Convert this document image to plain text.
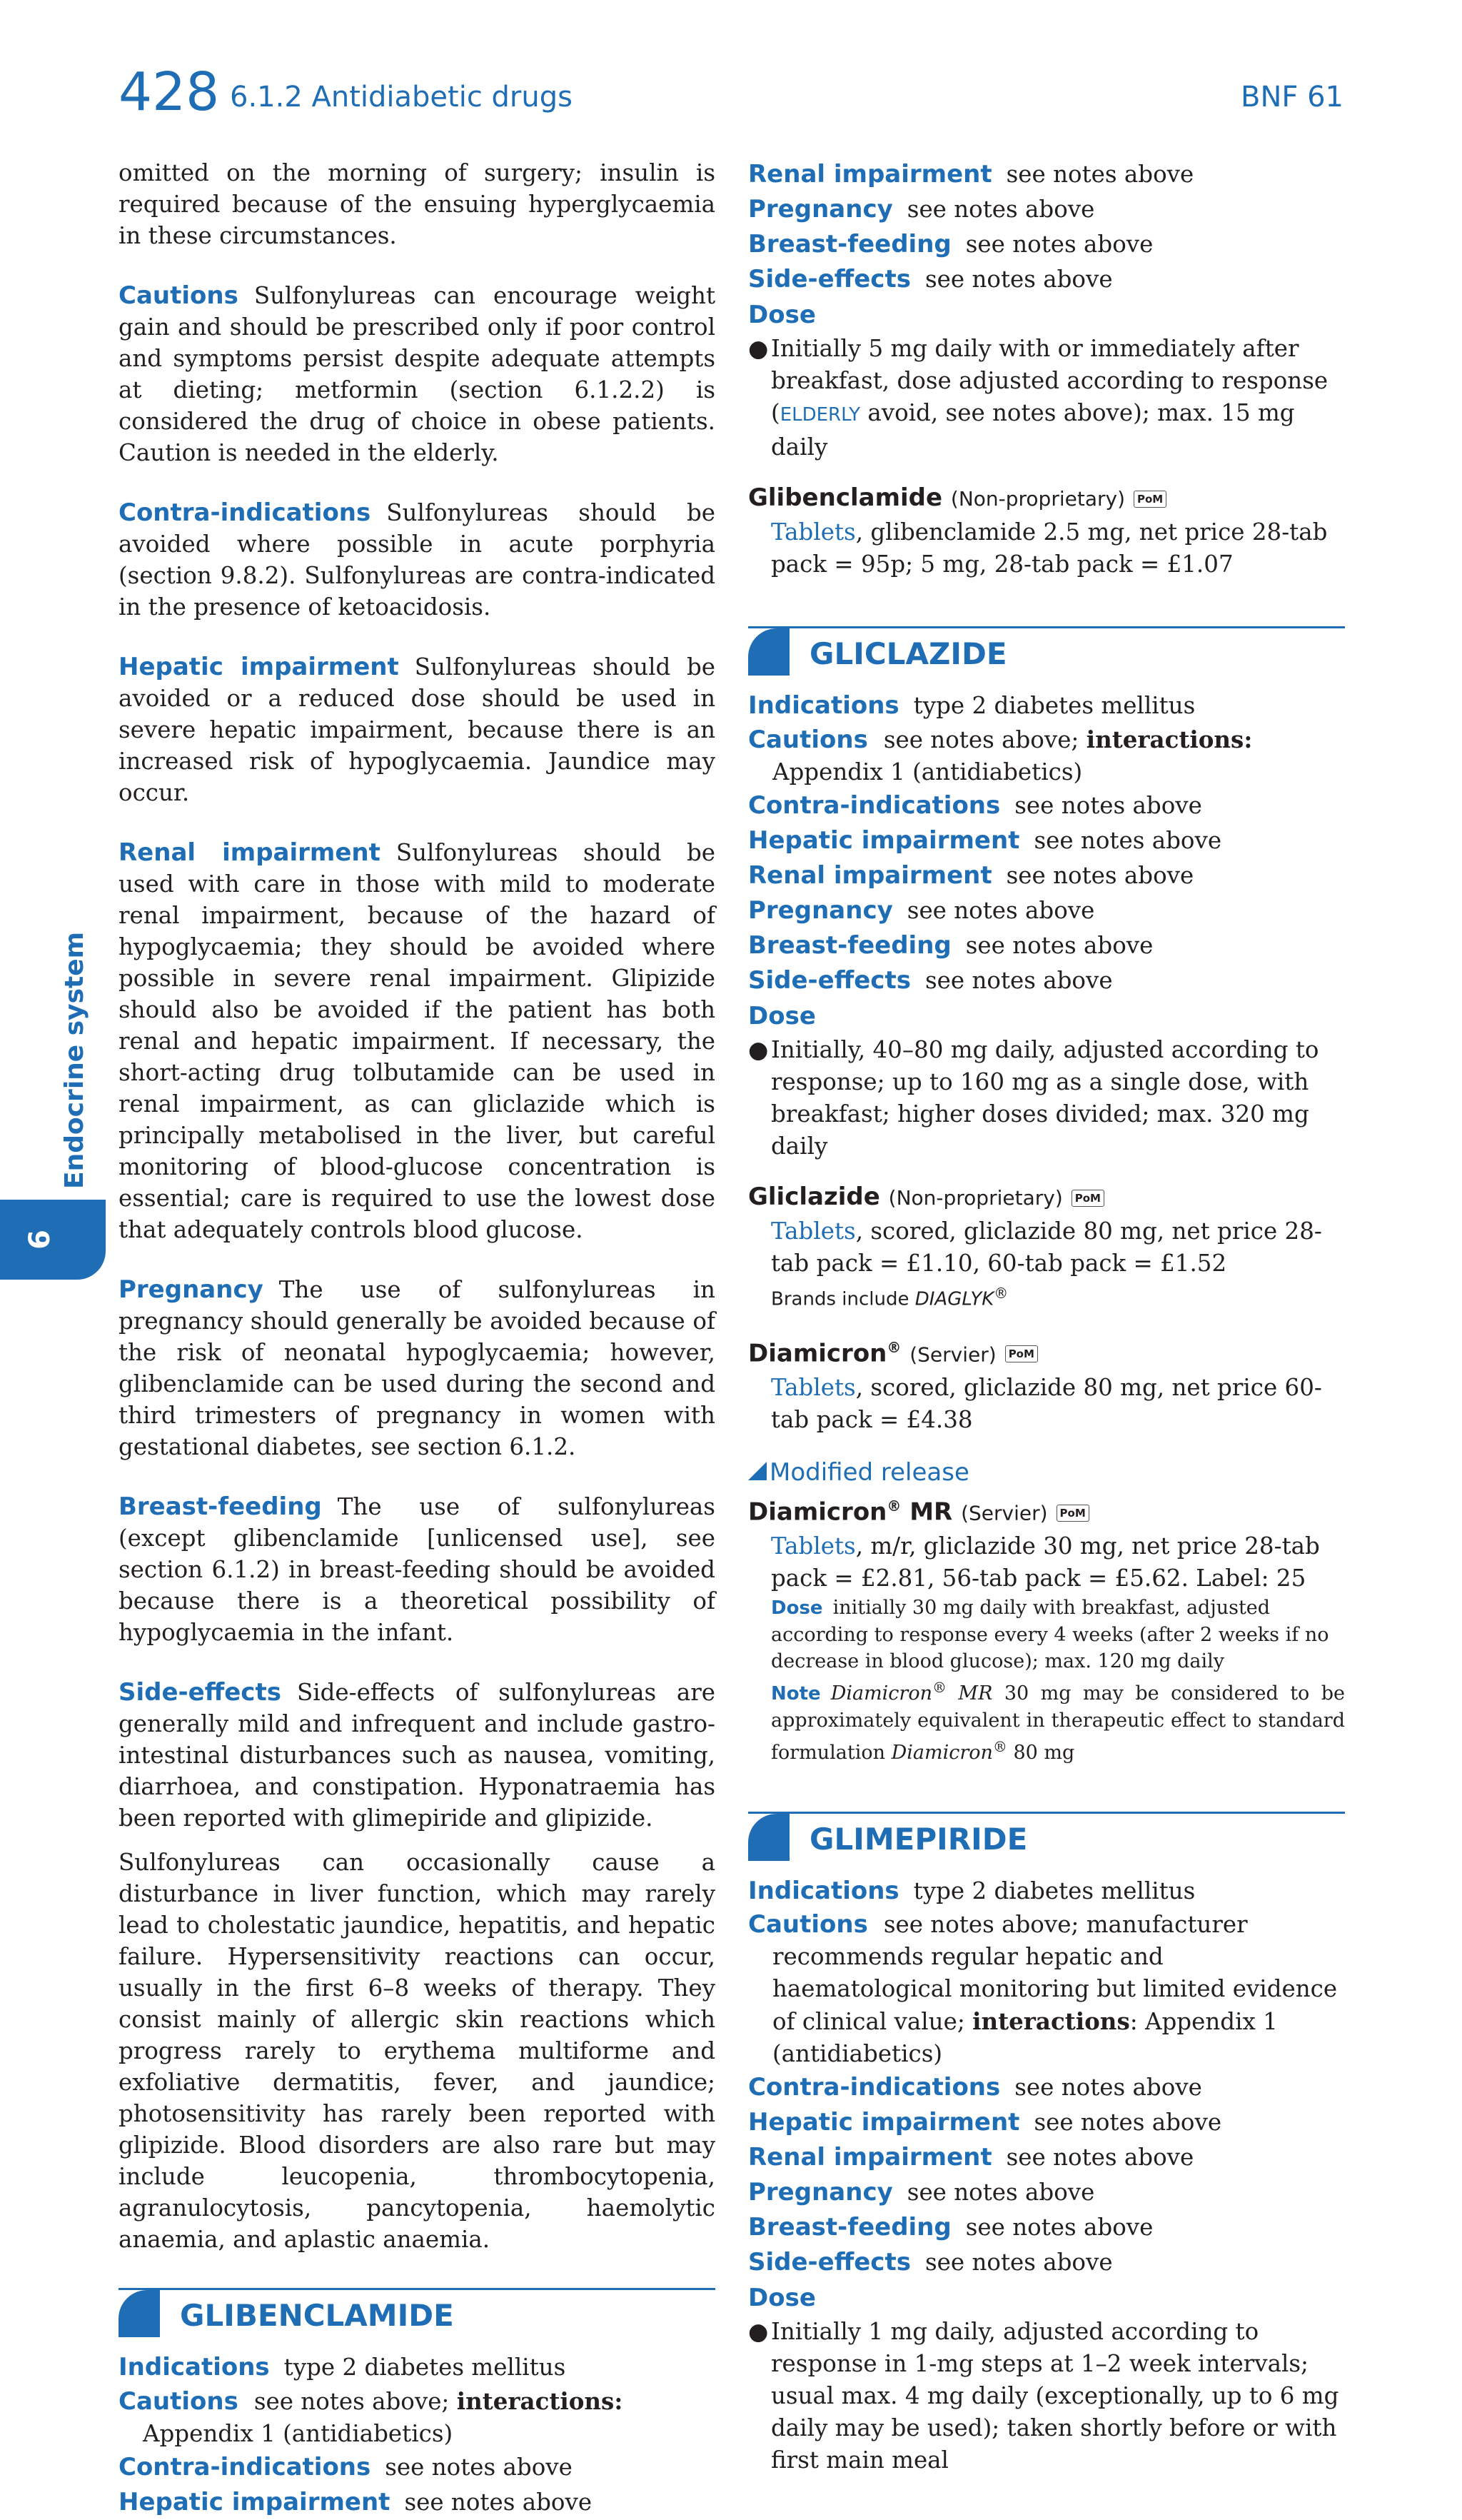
428 6.1.2 Antidiabetic drugs	BNF 61
6
Endocrine system

omitted on the morning of surgery; insulin is required because of the ensuing hyperglycaemia in these circumstances.

Cautions Sulfonylureas can encourage weight gain and should be prescribed only if poor control and symptoms persist despite adequate attempts at dieting; metformin (section 6.1.2.2) is considered the drug of choice in obese patients. Caution is needed in the elderly.

Contra-indications Sulfonylureas should be avoided where possible in acute porphyria (section 9.8.2). Sulfonylureas are contra-indicated in the presence of ketoacidosis.

Hepatic impairment Sulfonylureas should be avoided or a reduced dose should be used in severe hepatic impairment, because there is an increased risk of hypoglycaemia. Jaundice may occur.

Renal impairment Sulfonylureas should be used with care in those with mild to moderate renal impairment, because of the hazard of hypoglycaemia; they should be avoided where possible in severe renal impairment. Glipizide should also be avoided if the patient has both renal and hepatic impairment. If necessary, the short-acting drug tolbutamide can be used in renal impairment, as can gliclazide which is principally metabolised in the liver, but careful monitoring of blood-glucose concentration is essential; care is required to use the lowest dose that adequately controls blood glucose.

Pregnancy The use of sulfonylureas in pregnancy should generally be avoided because of the risk of neonatal hypoglycaemia; however, glibenclamide can be used during the second and third trimesters of pregnancy in women with gestational diabetes, see section 6.1.2.

Breast-feeding The use of sulfonylureas (except glibenclamide [unlicensed use], see section 6.1.2) in breast-feeding should be avoided because there is a theoretical possibility of hypoglycaemia in the infant.

Side-effects Side-effects of sulfonylureas are generally mild and infrequent and include gastro-intestinal disturbances such as nausea, vomiting, diarrhoea, and constipation. Hyponatraemia has been reported with glimepiride and glipizide.

Sulfonylureas can occasionally cause a disturbance in liver function, which may rarely lead to cholestatic jaundice, hepatitis, and hepatic failure. Hypersensitivity reactions can occur, usually in the first 6–8 weeks of therapy. They consist mainly of allergic skin reactions which progress rarely to erythema multiforme and exfoliative dermatitis, fever, and jaundice; photosensitivity has rarely been reported with glipizide. Blood disorders are also rare but may include leucopenia, thrombocytopenia, agranulocytosis, pancytopenia, haemolytic anaemia, and aplastic anaemia.

GLIBENCLAMIDE
Indications type 2 diabetes mellitus
Cautions see notes above; interactions: Appendix 1 (antidiabetics)
Contra-indications see notes above
Hepatic impairment see notes above
Renal impairment see notes above
Pregnancy see notes above
Breast-feeding see notes above
Side-effects see notes above
Dose
● Initially 5 mg daily with or immediately after breakfast, dose adjusted according to response (ELDERLY avoid, see notes above); max. 15 mg daily
Glibenclamide (Non-proprietary) PoM
Tablets, glibenclamide 2.5 mg, net price 28-tab pack = 95p; 5 mg, 28-tab pack = £1.07
GLICLAZIDE
Indications type 2 diabetes mellitus
Cautions see notes above; interactions: Appendix 1 (antidiabetics)
Contra-indications see notes above
Hepatic impairment see notes above
Renal impairment see notes above
Pregnancy see notes above
Breast-feeding see notes above
Side-effects see notes above
Dose
● Initially, 40–80 mg daily, adjusted according to response; up to 160 mg as a single dose, with breakfast; higher doses divided; max. 320 mg daily
Gliclazide (Non-proprietary) PoM
Tablets, scored, gliclazide 80 mg, net price 28-tab pack = £1.10, 60-tab pack = £1.52
Brands include DIAGLYK®
Diamicron® (Servier) PoM
Tablets, scored, gliclazide 80 mg, net price 60-tab pack = £4.38
Modified release
Diamicron® MR (Servier) PoM
Tablets, m/r, gliclazide 30 mg, net price 28-tab pack = £2.81, 56-tab pack = £5.62. Label: 25
Dose initially 30 mg daily with breakfast, adjusted according to response every 4 weeks (after 2 weeks if no decrease in blood glucose); max. 120 mg daily
Note Diamicron® MR 30 mg may be considered to be approximately equivalent in therapeutic effect to standard formulation Diamicron® 80 mg
GLIMEPIRIDE
Indications type 2 diabetes mellitus
Cautions see notes above; manufacturer recommends regular hepatic and haematological monitoring but limited evidence of clinical value; interactions: Appendix 1 (antidiabetics)
Contra-indications see notes above
Hepatic impairment see notes above
Renal impairment see notes above
Pregnancy see notes above
Breast-feeding see notes above
Side-effects see notes above
Dose
● Initially 1 mg daily, adjusted according to response in 1-mg steps at 1–2 week intervals; usual max. 4 mg daily (exceptionally, up to 6 mg daily may be used); taken shortly before or with first main meal
